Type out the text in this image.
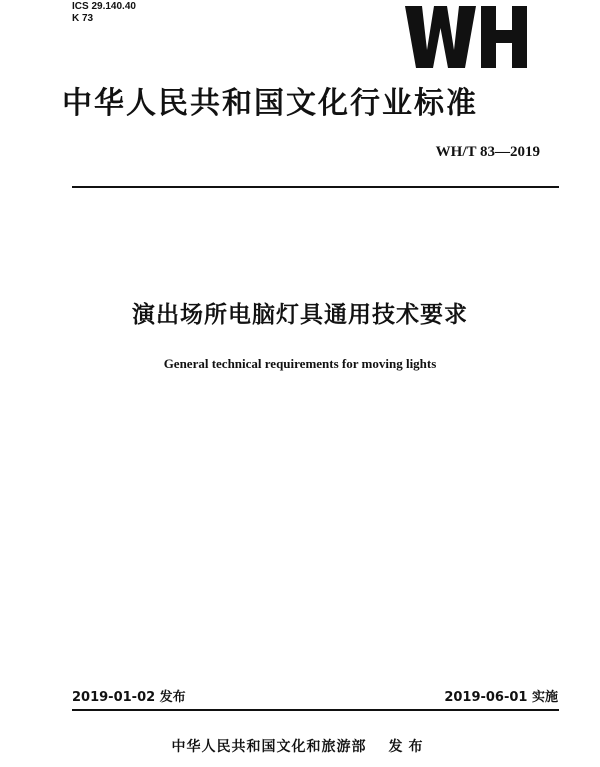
ICS 29.140.40
K 73
中华人民共和国文化行业标准
WH/T 83—2019
演出场所电脑灯具通用技术要求
General technical requirements for moving lights
2019-01-02 发布	2019-06-01 实施
中华人民共和国文化和旅游部 发布
